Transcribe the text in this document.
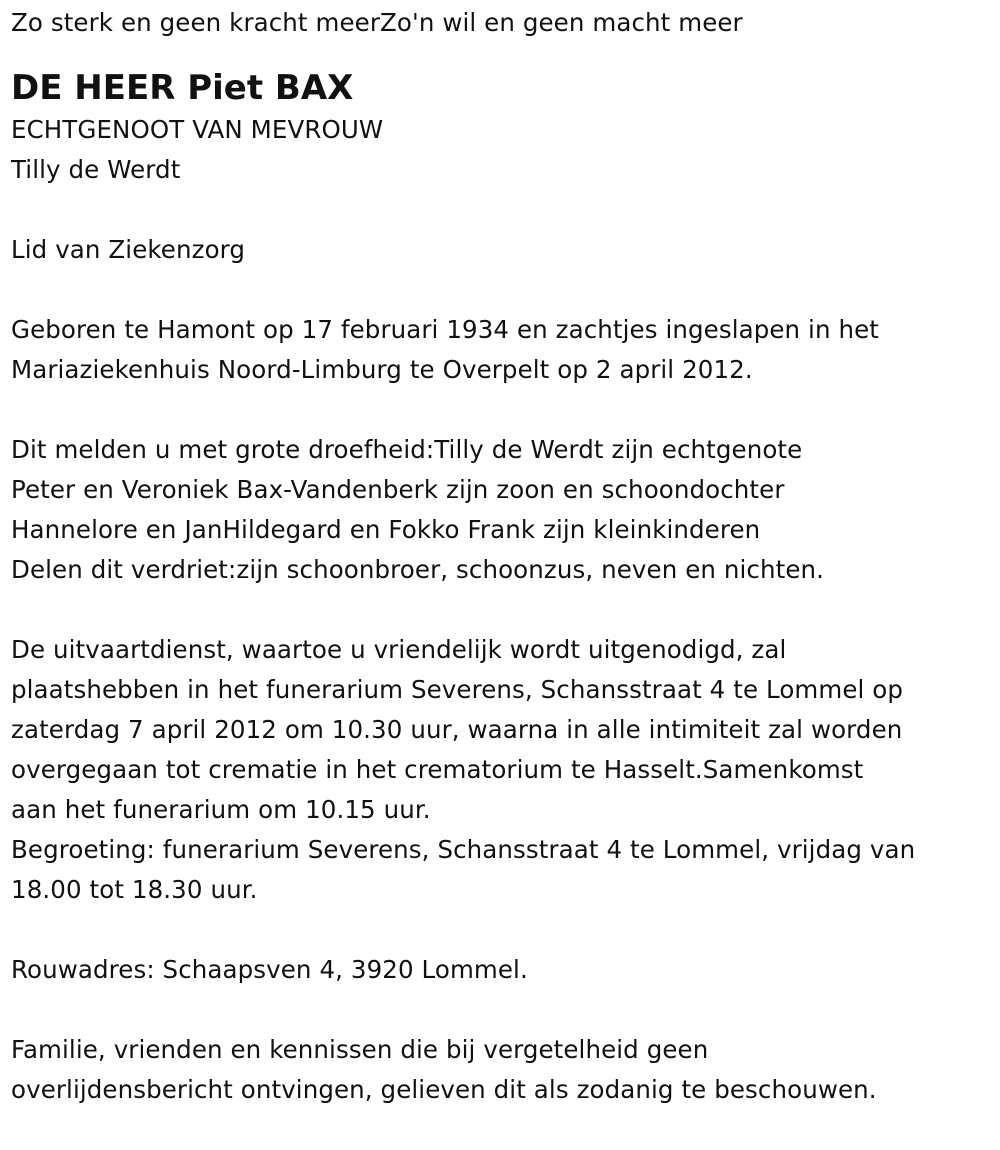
Zo sterk en geen kracht meerZo'n wil en geen macht meer

DE HEER Piet BAX

ECHTGENOOT VAN MEVROUW

Tilly de Werdt

Lid van Ziekenzorg

Geboren te Hamont op 17 februari 1934 en zachtjes ingeslapen in het

Mariaziekenhuis Noord-Limburg te Overpelt op 2 april 2012.

Dit melden u met grote droefheid:Tilly de Werdt zijn echtgenote

Peter en Veroniek Bax-Vandenberk zijn zoon en schoondochter

Hannelore en JanHildegard en Fokko Frank zijn kleinkinderen

Delen dit verdriet:zijn schoonbroer, schoonzus, neven en nichten.

De uitvaartdienst, waartoe u vriendelijk wordt uitgenodigd, zal

plaatshebben in het funerarium Severens, Schansstraat 4 te Lommel op

zaterdag 7 april 2012 om 10.30 uur, waarna in alle intimiteit zal worden

overgegaan tot crematie in het crematorium te Hasselt.Samenkomst

aan het funerarium om 10.15 uur.

Begroeting: funerarium Severens, Schansstraat 4 te Lommel, vrijdag van

18.00 tot 18.30 uur.

Rouwadres: Schaapsven 4, 3920 Lommel.

Familie, vrienden en kennissen die bij vergetelheid geen

overlijdensbericht ontvingen, gelieven dit als zodanig te beschouwen.
